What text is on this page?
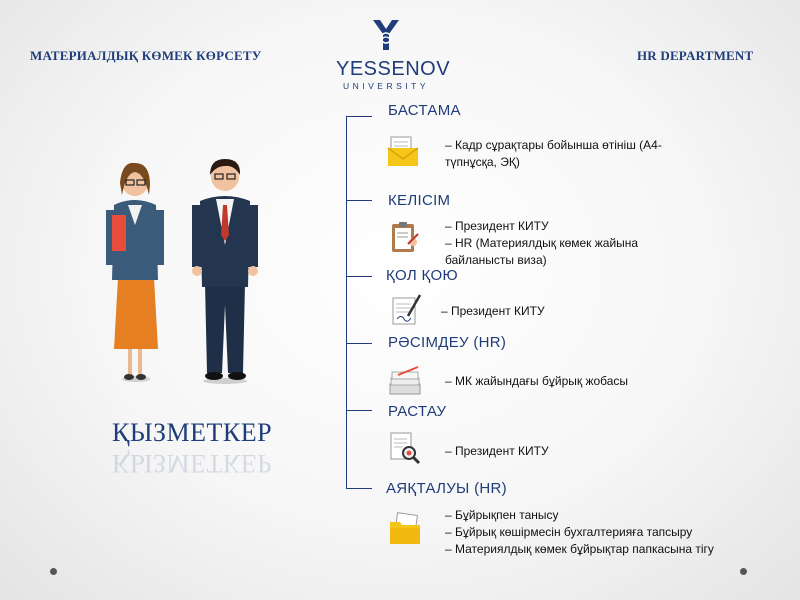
МАТЕРИАЛДЫҚ КӨМЕК КӨРСЕТУ	HR DEPARTMENT
YESSENOV
UNIVERSITY
ҚЫЗМЕТКЕР
ҚЫЗМЕТКЕР
БАСТАМА
– Кадр сұрақтары бойынша өтініш (А4-
түпнұсқа, ЭҚ)
КЕЛІСІМ
– Президент КИТУ
– HR (Материялдық көмек жайына
байланысты виза)
ҚОЛ ҚОЮ
– Президент КИТУ
РӘСІМДЕУ (HR)
– МК жайындағы бұйрық жобасы
РАСТАУ
– Президент КИТУ
АЯҚТАЛУЫ (HR)
– Бұйрықпен танысу
– Бұйрық көшірмесін бухгалтерияға тапсыру
– Материялдық көмек бұйрықтар папкасына тігу
